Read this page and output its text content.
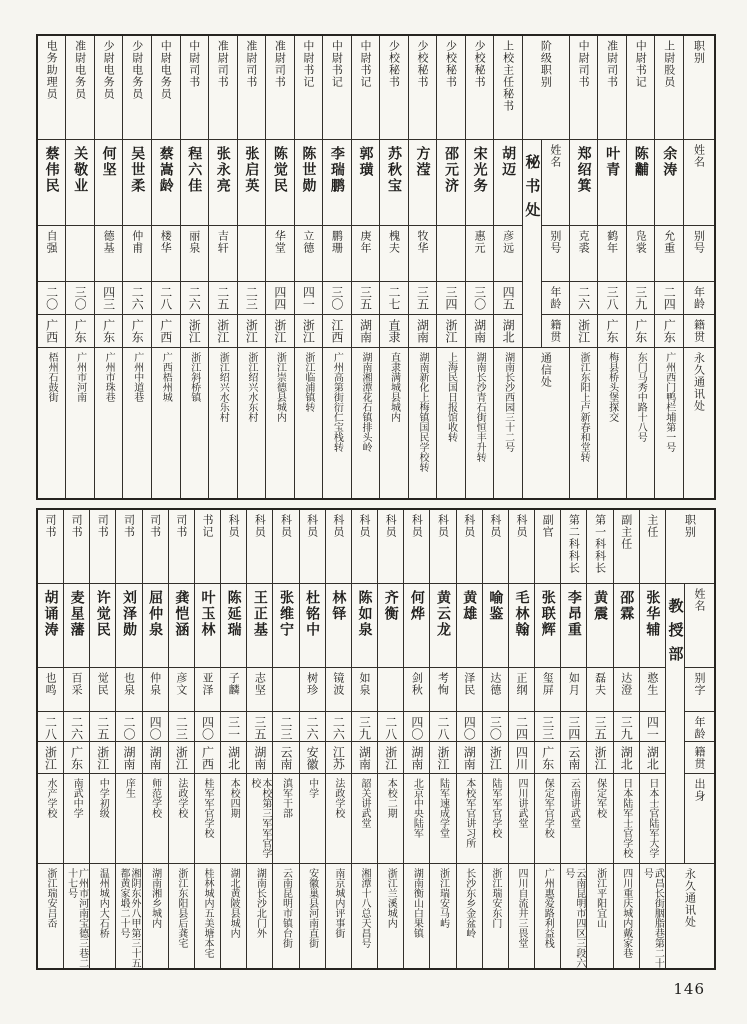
职别
姓名
别号
年龄
籍贯
永久通讯处
上尉股员
余涛
允重
二四
广东
广州西门鸭栏埔第一号
中尉书记
陈黼
凫裳
三九
广东
东门马秀中路十八号
准尉司书
叶青
鹤年
三八
广东
梅县桥头堡探交
中尉司书
郑绍箕
克裘
二六
浙江
浙江东阳上卢新春和堂转
阶级职别
姓名
别号
年龄
籍贯
秘书处
通信处
上校主任秘书
胡迈
彦远
四五
湖北
湖南长沙西园三十二号
少校秘书
宋光务
惠元
三〇
湖南
湖南长沙青石街恒丰升转
少校秘书
邵元济
三四
浙江
上海民国日报馆收转
少校秘书
方滢
牧华
三五
湖南
湖南新化上梅镇国民学校转
少校秘书
苏秋宝
槐夫
二七
直隶
直隶满城县城内
中尉书记
郭璜
庚年
三五
湖南
湖南湘潭花石镇排头岭
中尉书记
李瑞鹏
鹏珊
三〇
江西
广州高第街衍仁宝栈转
中尉书记
陈世勋
立德
四一
浙江
浙江临浦镇转
准尉司书
陈觉民
华堂
四四
浙江
浙江崇德县城内
准尉司书
张启英
二三
浙江
浙江绍兴水东村
准尉司书
张永亮
吉轩
二五
浙江
浙江绍兴水乐村
中尉司书
程六佳
丽泉
二六
浙江
浙江斜桥镇
中尉电务员
蔡嵩龄
楼华
二八
广西
广西梧州城
少尉电务员
吴世柔
仲甫
二六
广东
广州中道巷
少尉电务员
何坚
德基
四三
广东
广州市珠巷
准尉电务员
关敬业
三〇
广东
广州市河南
电务助理员
蔡伟民
自强
二〇
广西
梧州石鼓街
职别
姓名
别字
年龄
籍贯
出身
教授部
永久通讯处
主任
张华辅
憨生
四一
湖北
日本士官陆军大学
武昌长街胭脂巷第二十号
副主任
邵霖
达澄
三九
湖北
日本陆军士官学校
四川重庆城内戴家巷
第一科科长
黄震
磊夫
三五
浙江
保定军校
浙江平阳宜山
第二科科长
李昂重
如月
三四
云南
云南讲武堂
云南昆明市四区三段六号
副官
张联辉
玺屏
三三
广东
保定军官学校
广州惠爱路利益栈
科员
毛林翰
正纲
二四
四川
四川讲武堂
四川自流井三畏堂
科员
喻鉴
达德
三〇
浙江
陆军军官学校
浙江瑞安东门
科员
黄雄
泽民
四〇
湖南
本校军官讲习所
长沙东乡金盆岭
科员
黄云龙
考恂
二八
浙江
陆军速成学堂
浙江瑞安马屿
科员
何烨
剑秋
四〇
湖南
北京中央陆军
湖南衡山白果镇
科员
齐衡
二八
浙江
本校二期
浙江兰溪城内
科员
陈如泉
如泉
三九
湖南
韶关讲武堂
湘潭十八总天昌号
科员
林铎
镜波
二六
江苏
法政学校
南京城内评事街
科员
杜铭中
树珍
二六
安徽
中学
安徽巢县河南直街
科员
张维宁
二三
云南
滇军干部
云南昆明市镇台街
科员
王正基
志坚
三五
湖南
本校第三军军官学校
湖南长沙北门外
科员
陈延瑞
子麟
三一
湖北
本校四期
湖北黄陂县城内
书记
叶玉林
亚泽
四〇
广西
桂军军官学校
桂林城内五美塘本宅
司书
龚恺涵
彦文
二三
浙江
法政学校
浙江东阳县后龚宅
司书
屈仲泉
仲泉
四〇
湖南
师范学校
湖南湘乡城内
司书
刘泽勋
也泉
二〇
湖南
庠生
湘阴东外八甲第三十五都黄家塅二十号
司书
许觉民
觉民
二五
浙江
中学初级
温州城内大石桥
司书
麦星藩
百采
二六
广东
南武中学
广州市河南宝德三巷二十七号
司书
胡诵涛
也鸣
二八
浙江
水产学校
浙江瑞安吕岙
146
